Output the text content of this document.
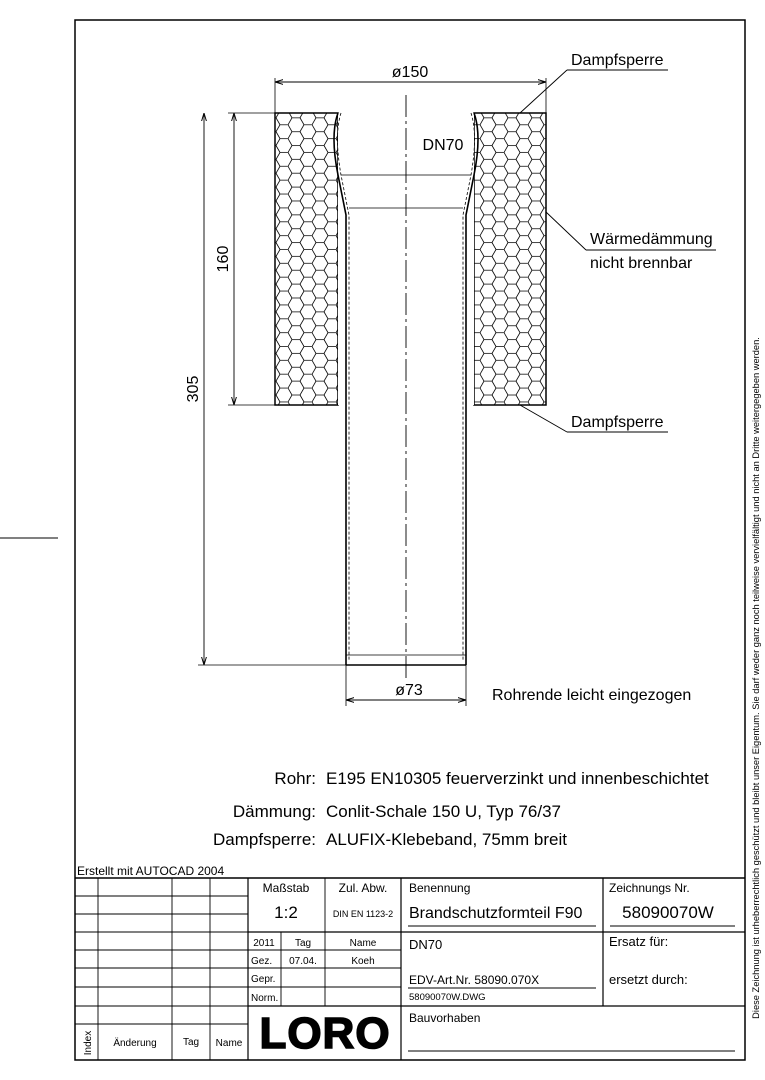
DN70
ø150
ø73
160
305
Dampfsperre
Wärmedämmung
nicht brennbar
Dampfsperre
Rohrende leicht eingezogen
Rohr: E195 EN10305 feuerverzinkt und innenbeschichtet
Dämmung: Conlit-Schale 150 U, Typ 76/37
Dampfsperre: ALUFIX-Klebeband, 75mm breit	Diese Zeichnung ist urheberrechtlich geschützt und bleibt unser Eigentum. Sie darf weder ganz noch teilweise vervielfältigt und nicht an Dritte weitergegeben werden.
Erstellt mit AUTOCAD 2004
Maßstab
1:2
Zul. Abw.
DIN EN 1123-2
Benennung
Brandschutzformteil F90
Zeichnungs Nr.
58090070W
2011 Tag	Name
Gez. 07.04.	Koeh
Gepr.
Norm.
DN70	Ersatz für:
EDV-Art.Nr. 58090.070X	ersetzt durch:
58090070W.DWG
Bauvorhaben
LORO
Index Änderung	Tag Name
